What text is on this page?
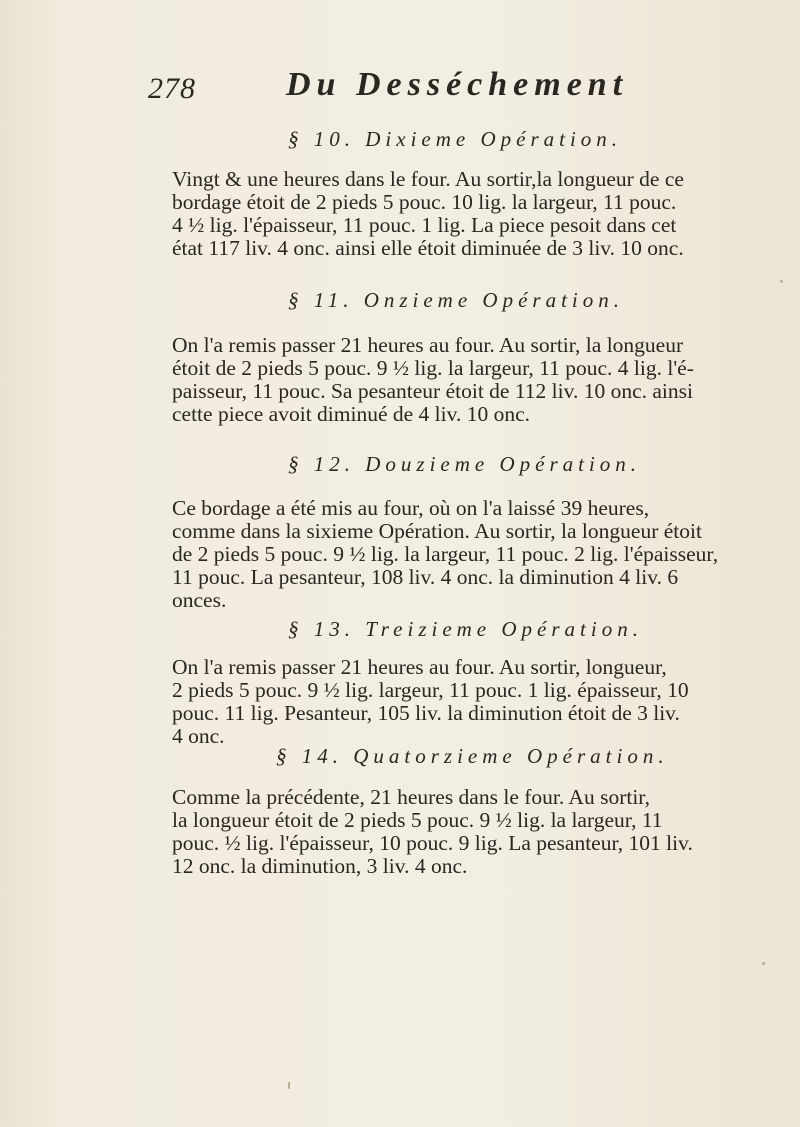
278	Du Desséchement
§ 10. Dixieme Opération.

Vingt & une heures dans le four. Au sortir,la longueur de ce

bordage étoit de 2 pieds 5 pouc. 10 lig. la largeur, 11 pouc.

4 ½ lig. l'épaisseur, 11 pouc. 1 lig. La piece pesoit dans cet

état 117 liv. 4 onc. ainsi elle étoit diminuée de 3 liv. 10 onc.

§ 11. Onzieme Opération.

On l'a remis passer 21 heures au four. Au sortir, la longueur

étoit de 2 pieds 5 pouc. 9 ½ lig. la largeur, 11 pouc. 4 lig. l'é-

paisseur, 11 pouc. Sa pesanteur étoit de 112 liv. 10 onc. ainsi

cette piece avoit diminué de 4 liv. 10 onc.

§ 12. Douzieme Opération.

Ce bordage a été mis au four, où on l'a laissé 39 heures,

comme dans la sixieme Opération. Au sortir, la longueur étoit

de 2 pieds 5 pouc. 9 ½ lig. la largeur, 11 pouc. 2 lig. l'épaisseur,

11 pouc. La pesanteur, 108 liv. 4 onc. la diminution 4 liv. 6

onces.

§ 13. Treizieme Opération.

On l'a remis passer 21 heures au four. Au sortir, longueur,

2 pieds 5 pouc. 9 ½ lig. largeur, 11 pouc. 1 lig. épaisseur, 10

pouc. 11 lig. Pesanteur, 105 liv. la diminution étoit de 3 liv.

4 onc.

§ 14. Quatorzieme Opération.

Comme la précédente, 21 heures dans le four. Au sortir,

la longueur étoit de 2 pieds 5 pouc. 9 ½ lig. la largeur, 11

pouc. ½ lig. l'épaisseur, 10 pouc. 9 lig. La pesanteur, 101 liv.

12 onc. la diminution, 3 liv. 4 onc.
